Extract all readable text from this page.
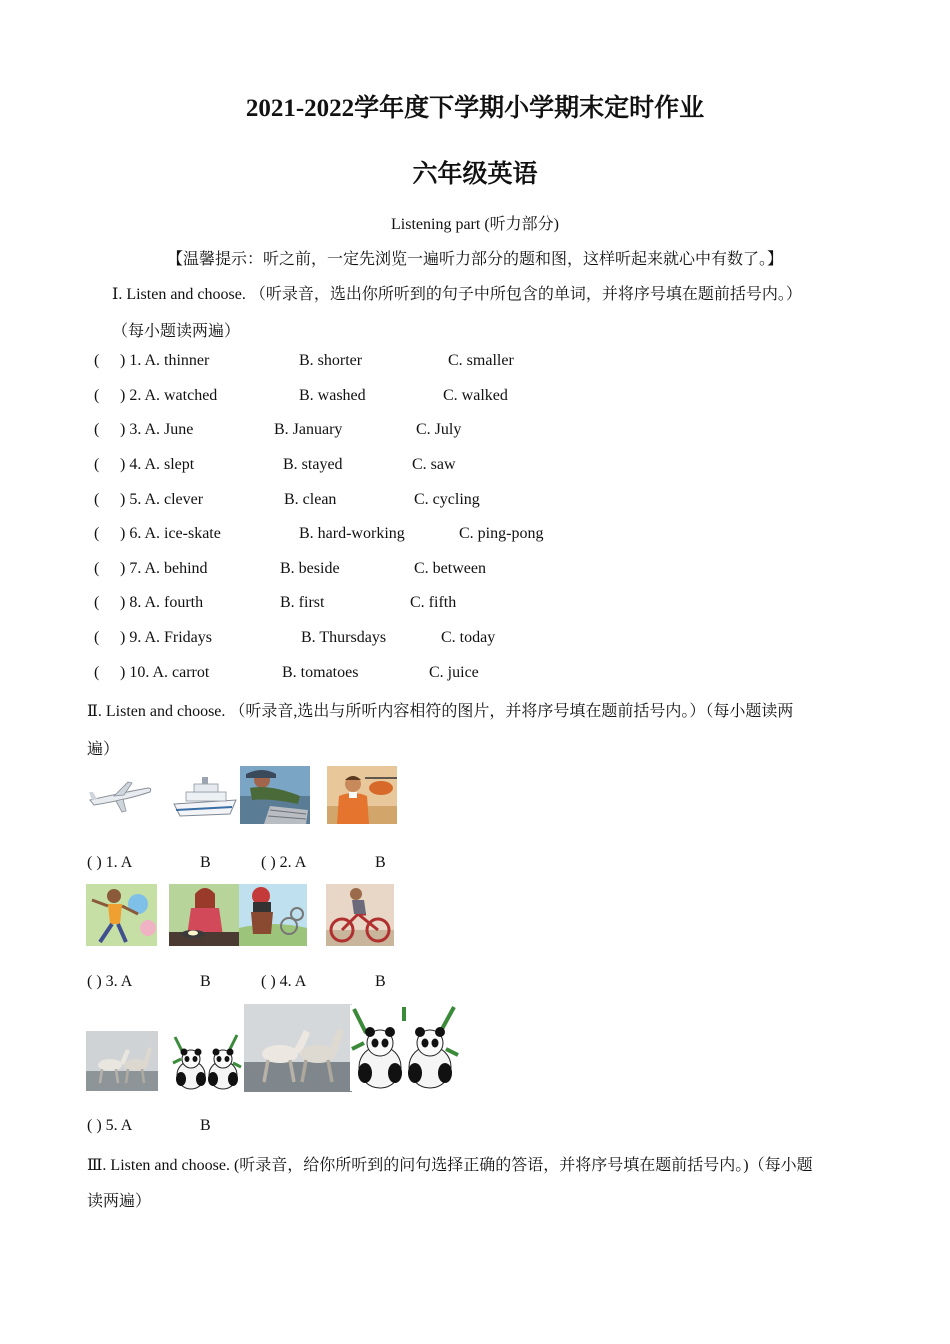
2021-2022学年度下学期小学期末定时作业
六年级英语
Listening part (听力部分)
【温馨提示：听之前，一定先浏览一遍听力部分的题和图，这样听起来就心中有数了。】
Ⅰ. Listen and choose. （听录音，选出你所听到的句子中所包含的单词，并将序号填在题前括号内。）
（每小题读两遍）
( ) 1. A. thinner	B. shorter	C. smaller
( ) 2. A. watched	B. washed	C. walked
( ) 3. A. June	B. January	C. July
( ) 4. A. slept	B. stayed	C. saw
( ) 5. A. clever	B. clean	C. cycling
( ) 6. A. ice-skate	B. hard-working	C. ping-pong
( ) 7. A. behind	B. beside	C. between
( ) 8. A. fourth	B. first	C. fifth
( ) 9. A. Fridays	B. Thursdays	C. today
( ) 10. A. carrot	B. tomatoes	C. juice
Ⅱ. Listen and choose. （听录音,选出与所听内容相符的图片，并将序号填在题前括号内。）（每小题读两
遍）
( ) 1. A	B	( ) 2. A	B
( ) 3. A	B	( ) 4. A	B
( ) 5. A	B
Ⅲ. Listen and choose. (听录音，给你所听到的问句选择正确的答语，并将序号填在题前括号内。)（每小题
读两遍）
